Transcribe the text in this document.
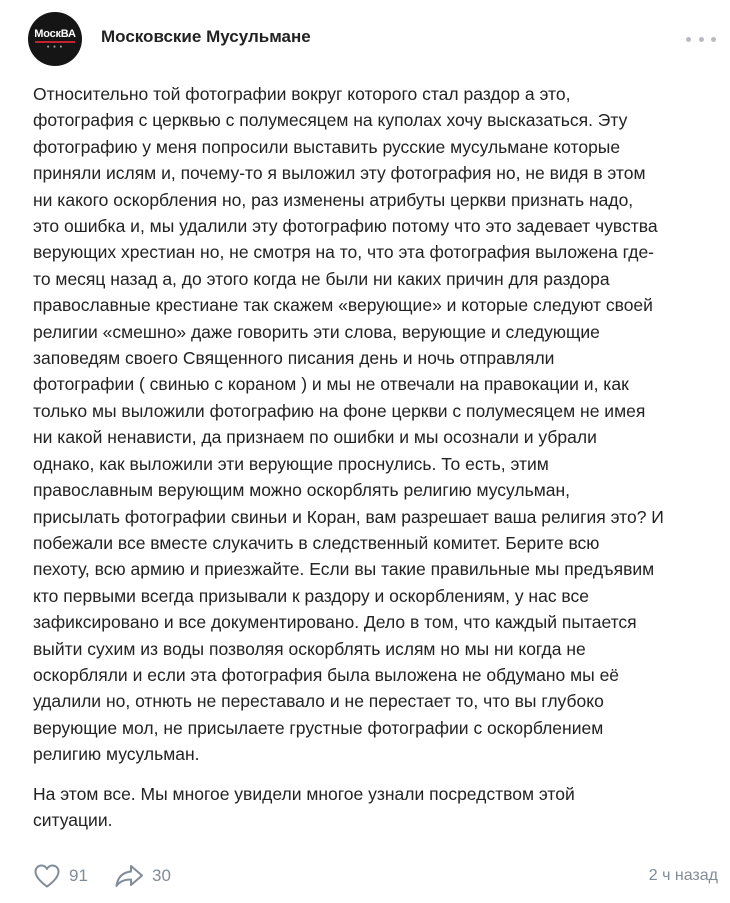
МоскВА
● ● ●
Московские Мусульмане

Относительно той фотографии вокруг которого стал раздор а это,
фотография с церквью с полумесяцем на куполах хочу высказаться. Эту
фотографию у меня попросили выставить русские мусульмане которые
приняли ислям и, почему-то я выложил эту фотография но, не видя в этом
ни какого оскорбления но, раз изменены атрибуты церкви признать надо,
это ошибка и, мы удалили эту фотографию потому что это задевает чувства
верующих хрестиан но, не смотря на то, что эта фотография выложена где-
то месяц назад а, до этого когда не были ни каких причин для раздора
православные крестиане так скажем «верующие» и которые следуют своей
религии «смешно» даже говорить эти слова, верующие и следующие
заповедям своего Священного писания день и ночь отправляли
фотографии ( свинью с кораном ) и мы не отвечали на правокации и, как
только мы выложили фотографию на фоне церкви с полумесяцем не имея
ни какой ненависти, да признаем по ошибки и мы осознали и убрали
однако, как выложили эти верующие проснулись. То есть, этим
православным верующим можно оскорблять религию мусульман,
присылать фотографии свиньи и Коран, вам разрешает ваша религия это? И
побежали все вместе слукачить в следственный комитет. Берите всю
пехоту, всю армию и приезжайте. Если вы такие правильные мы предъявим
кто первыми всегда призывали к раздору и оскорблениям, у нас все
зафиксировано и все документировано. Дело в том, что каждый пытается
выйти сухим из воды позволяя оскорблять ислям но мы ни когда не
оскорбляли и если эта фотография была выложена не обдумано мы её
удалили но, отнють не переставало и не перестает то, что вы глубоко
верующие мол, не присылаете грустные фотографии с оскорблением
религию мусульман.

На этом все. Мы многое увидели многое узнали посредством этой
ситуации.

91	30	2 ч назад
